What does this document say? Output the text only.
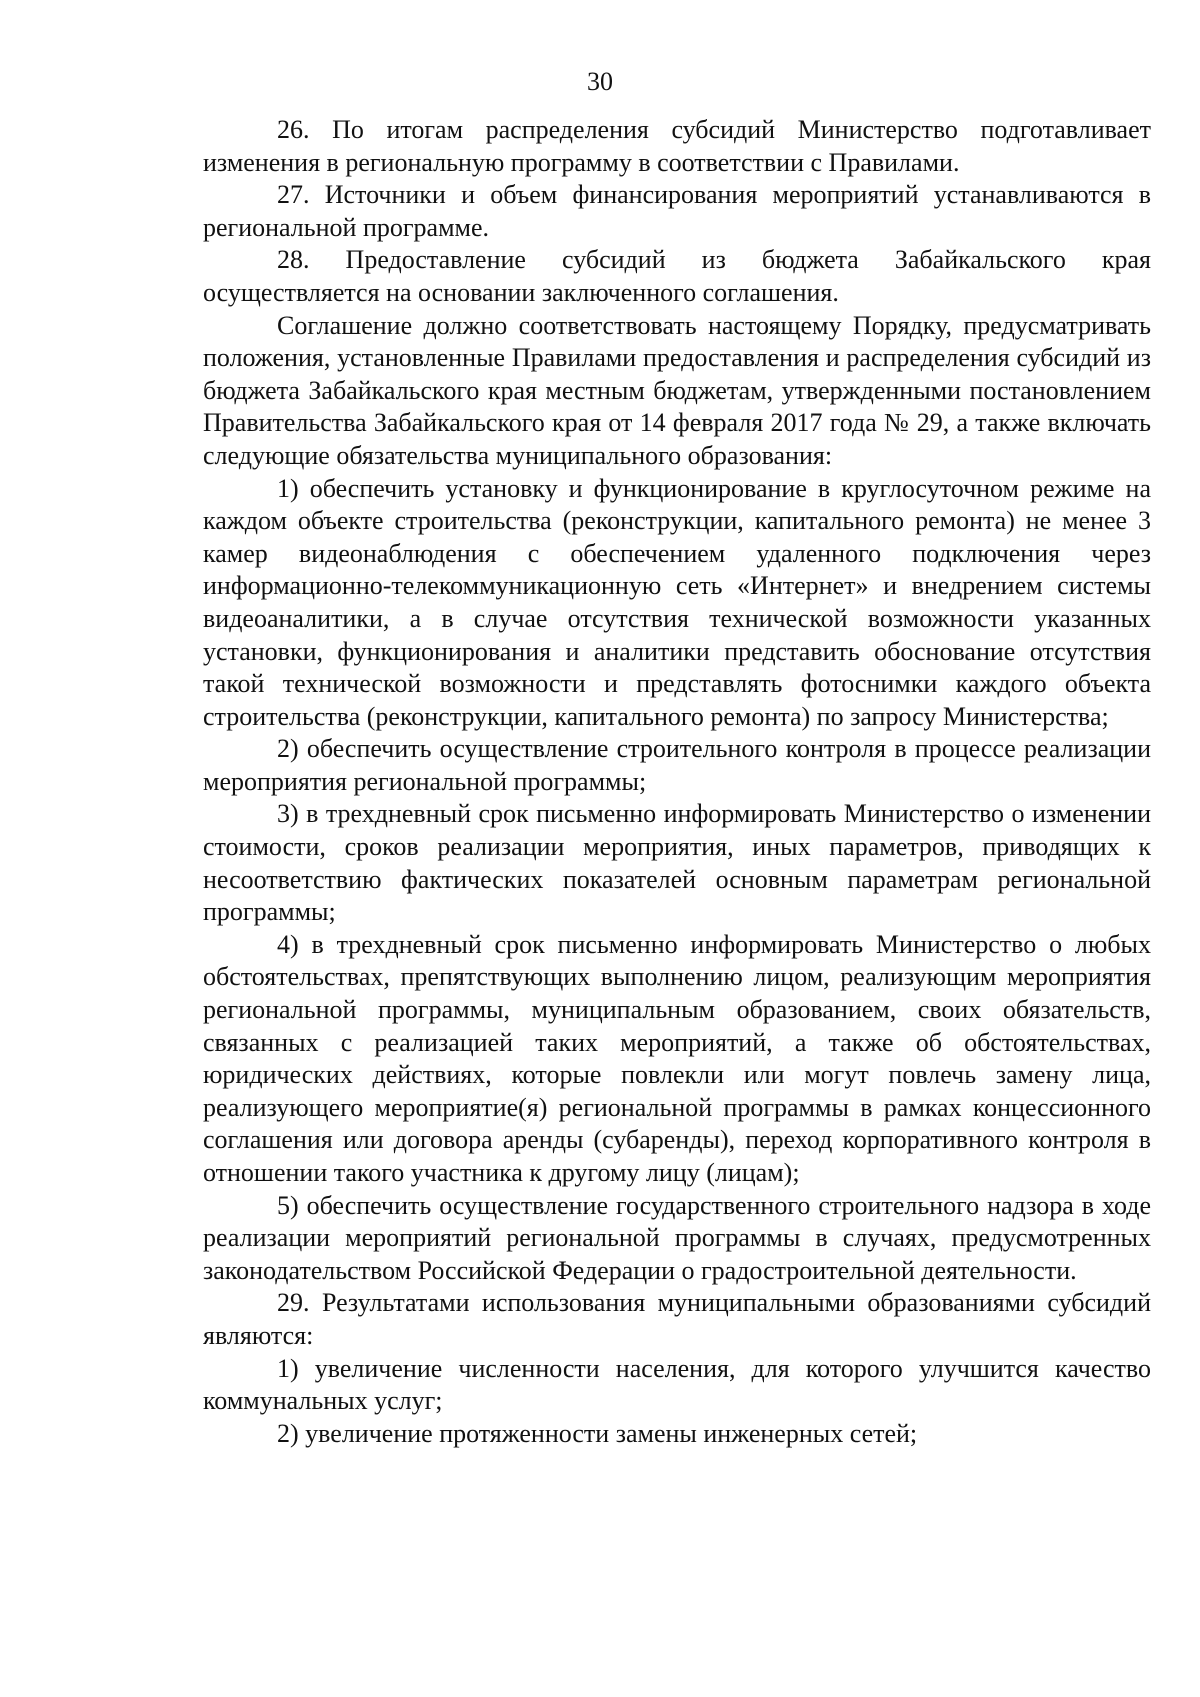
30

26. По итогам распределения субсидий Министерство подготавливает изменения в региональную программу в соответствии с Правилами.

27. Источники и объем финансирования мероприятий устанавливаются в региональной программе.

28. Предоставление субсидий из бюджета Забайкальского края осуществляется на основании заключенного соглашения.

Соглашение должно соответствовать настоящему Порядку, предусматривать положения, установленные Правилами предоставления и распределения субсидий из бюджета Забайкальского края местным бюджетам, утвержденными постановлением Правительства Забайкальского края от 14 февраля 2017 года № 29, а также включать следующие обязательства муниципального образования:

1) обеспечить установку и функционирование в круглосуточном режиме на каждом объекте строительства (реконструкции, капитального ремонта) не менее 3 камер видеонаблюдения с обеспечением удаленного подключения через информационно-телекоммуникационную сеть «Интернет» и внедрением системы видеоаналитики, а в случае отсутствия технической возможности указанных установки, функционирования и аналитики представить обоснование отсутствия такой технической возможности и представлять фотоснимки каждого объекта строительства (реконструкции, капитального ремонта) по запросу Министерства;

2) обеспечить осуществление строительного контроля в процессе реализации мероприятия региональной программы;

3) в трехдневный срок письменно информировать Министерство о изменении стоимости, сроков реализации мероприятия, иных параметров, приводящих к несоответствию фактических показателей основным параметрам региональной программы;

4) в трехдневный срок письменно информировать Министерство о любых обстоятельствах, препятствующих выполнению лицом, реализующим мероприятия региональной программы, муниципальным образованием, своих обязательств, связанных с реализацией таких мероприятий, а также об обстоятельствах, юридических действиях, которые повлекли или могут повлечь замену лица, реализующего мероприятие(я) региональной программы в рамках концессионного соглашения или договора аренды (субаренды), переход корпоративного контроля в отношении такого участника к другому лицу (лицам);

5) обеспечить осуществление государственного строительного надзора в ходе реализации мероприятий региональной программы в случаях, предусмотренных законодательством Российской Федерации о градостроительной деятельности.

29. Результатами использования муниципальными образованиями субсидий являются:

1) увеличение численности населения, для которого улучшится качество коммунальных услуг;

2) увеличение протяженности замены инженерных сетей;
